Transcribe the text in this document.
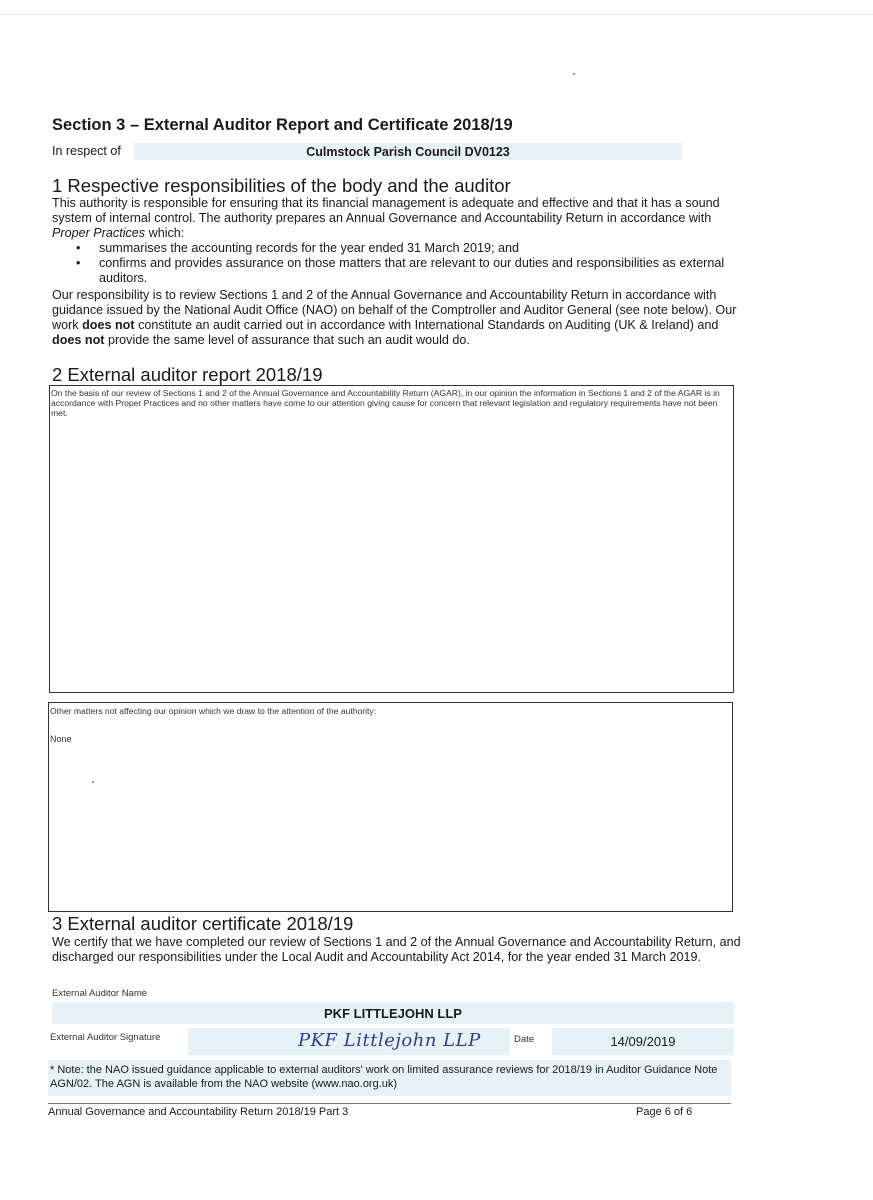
Section 3 – External Auditor Report and Certificate 2018/19
In respect of	Culmstock Parish Council DV0123
1 Respective responsibilities of the body and the auditor
This authority is responsible for ensuring that its financial management is adequate and effective and that it has a sound system of internal control. The authority prepares an Annual Governance and Accountability Return in accordance with Proper Practices which:
• summarises the accounting records for the year ended 31 March 2019; and
• confirms and provides assurance on those matters that are relevant to our duties and responsibilities as external auditors.
Our responsibility is to review Sections 1 and 2 of the Annual Governance and Accountability Return in accordance with guidance issued by the National Audit Office (NAO) on behalf of the Comptroller and Auditor General (see note below). Our work does not constitute an audit carried out in accordance with International Standards on Auditing (UK & Ireland) and does not provide the same level of assurance that such an audit would do.
2 External auditor report 2018/19
On the basis of our review of Sections 1 and 2 of the Annual Governance and Accountability Return (AGAR), in our opinion the information in Sections 1 and 2 of the AGAR is in accordance with Proper Practices and no other matters have come to our attention giving cause for concern that relevant legislation and regulatory requirements have not been met.
Other matters not affecting our opinion which we draw to the attention of the authority:
None
3 External auditor certificate 2018/19
We certify that we have completed our review of Sections 1 and 2 of the Annual Governance and Accountability Return, and discharged our responsibilities under the Local Audit and Accountability Act 2014, for the year ended 31 March 2019.
External Auditor Name
PKF LITTLEJOHN LLP
External Auditor Signature	PKF Littlejohn LLP	Date	14/09/2019
* Note: the NAO issued guidance applicable to external auditors' work on limited assurance reviews for 2018/19 in Auditor Guidance Note AGN/02. The AGN is available from the NAO website (www.nao.org.uk)
Annual Governance and Accountability Return 2018/19 Part 3	Page 6 of 6
